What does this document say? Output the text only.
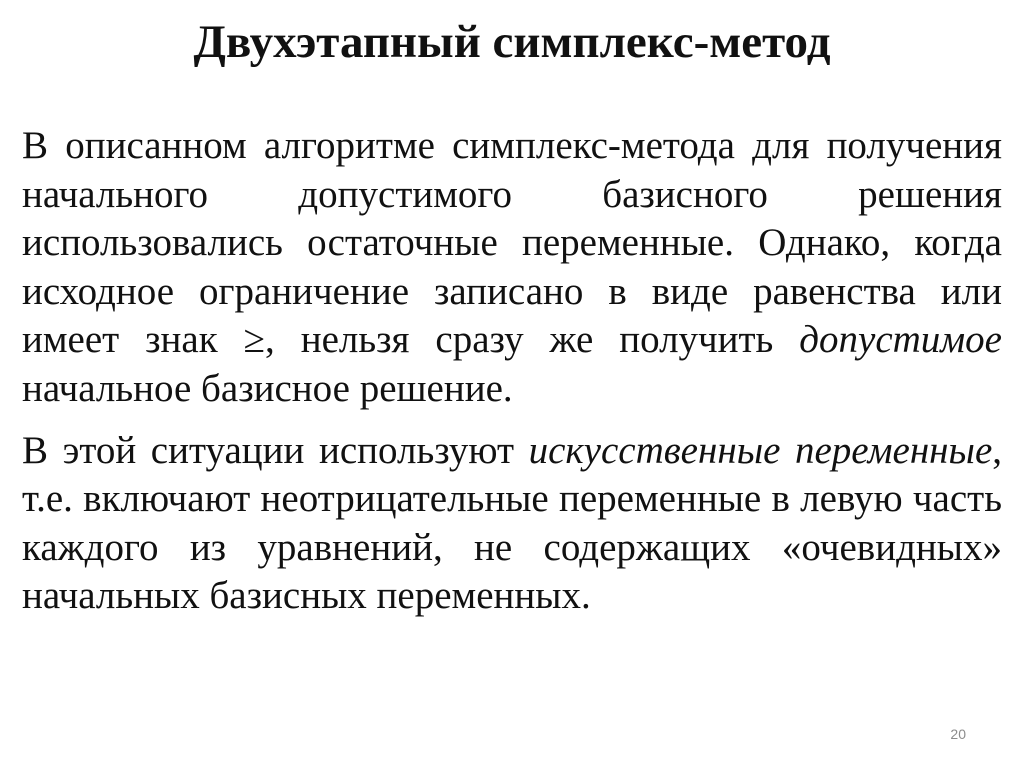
Двухэтапный симплекс-метод

В описанном алгоритме симплекс-метода для получения начального допустимого базисного решения использовались остаточные переменные. Однако, когда исходное ограничение записано в виде равенства или имеет знак ≥, нельзя сразу же получить допустимое начальное базисное решение.

В этой ситуации используют искусственные переменные, т.е. включают неотрицательные переменные в левую часть каждого из уравнений, не содержащих «очевидных» начальных базисных переменных.

20
